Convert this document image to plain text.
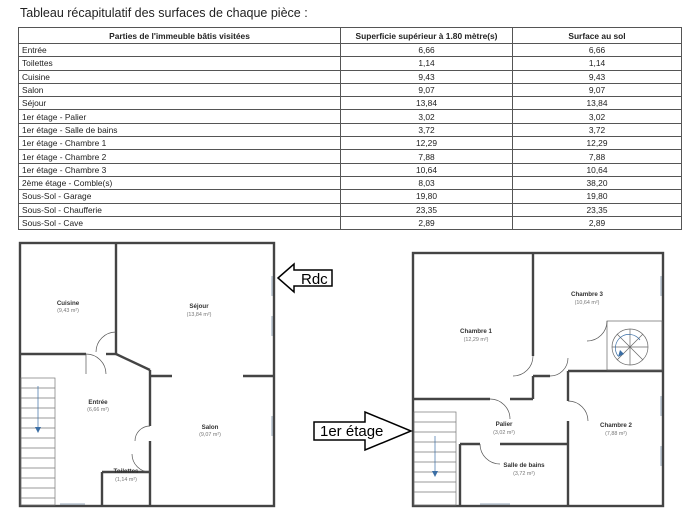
Tableau récapitulatif des surfaces de chaque pièce :
Parties de l'immeuble bâtis visitées	Superficie supérieur à 1.80 mètre(s)	Surface au sol
Entrée	6,66	6,66
Toilettes	1,14	1,14
Cuisine	9,43	9,43
Salon	9,07	9,07
Séjour	13,84	13,84
1er étage - Palier	3,02	3,02
1er étage - Salle de bains	3,72	3,72
1er étage - Chambre 1	12,29	12,29
1er étage - Chambre 2	7,88	7,88
1er étage - Chambre 3	10,64	10,64
2ème étage - Comble(s)	8,03	38,20
Sous-Sol - Garage	19,80	19,80
Sous-Sol - Chaufferie	23,35	23,35
Sous-Sol - Cave	2,89	2,89
Cuisine
(9,43 m²)
Séjour
(13,84 m²)
Entrée
(6,66 m²)
Salon
(9,07 m²)
Toilettes
(1,14 m²)
Rdc
Chambre 1
(12,29 m²)
Chambre 3
(10,64 m²)
Palier
(3,02 m²)
Chambre 2
(7,88 m²)
Salle de bains
(3,72 m²)
1er étage
